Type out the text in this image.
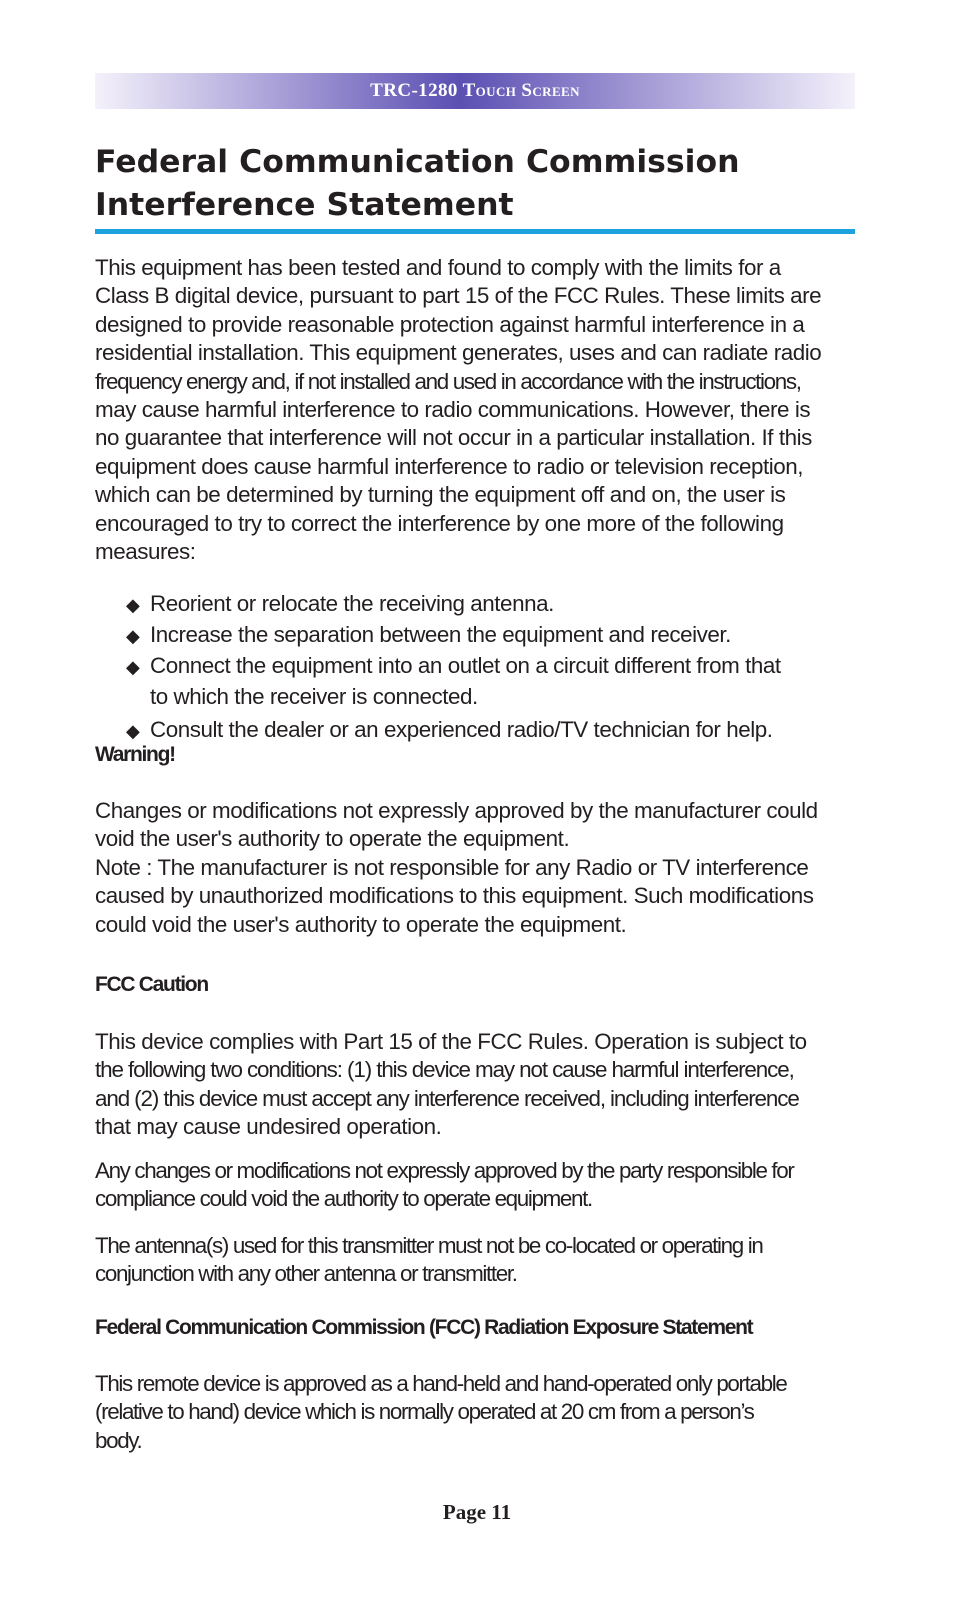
TRC-1280 Touch Screen
Federal Communication Commission
Interference Statement
This equipment has been tested and found to comply with the limits for a
Class B digital device, pursuant to part 15 of the FCC Rules. These limits are
designed to provide reasonable protection against harmful interference in a
residential installation. This equipment generates, uses and can radiate radio
frequency energy and, if not installed and used in accordance with the instructions,
may cause harmful interference to radio communications. However, there is
no guarantee that interference will not occur in a particular installation. If this
equipment does cause harmful interference to radio or television reception,
which can be determined by turning the equipment off and on, the user is
encouraged to try to correct the interference by one more of the following
measures:
◆ Reorient or relocate the receiving antenna.
◆ Increase the separation between the equipment and receiver.
◆ Connect the equipment into an outlet on a circuit different from that
to which the receiver is connected.
◆ Consult the dealer or an experienced radio/TV technician for help.
Warning!
Changes or modifications not expressly approved by the manufacturer could
void the user's authority to operate the equipment.
Note : The manufacturer is not responsible for any Radio or TV interference
caused by unauthorized modifications to this equipment. Such modifications
could void the user's authority to operate the equipment.
FCC Caution
This device complies with Part 15 of the FCC Rules. Operation is subject to
the following two conditions: (1) this device may not cause harmful interference,
and (2) this device must accept any interference received, including interference
that may cause undesired operation.
Any changes or modifications not expressly approved by the party responsible for
compliance could void the authority to operate equipment.
The antenna(s) used for this transmitter must not be co-located or operating in
conjunction with any other antenna or transmitter.
Federal Communication Commission (FCC) Radiation Exposure Statement
This remote device is approved as a hand-held and hand-operated only portable
(relative to hand) device which is normally operated at 20 cm from a person’s
body.
Page 11
